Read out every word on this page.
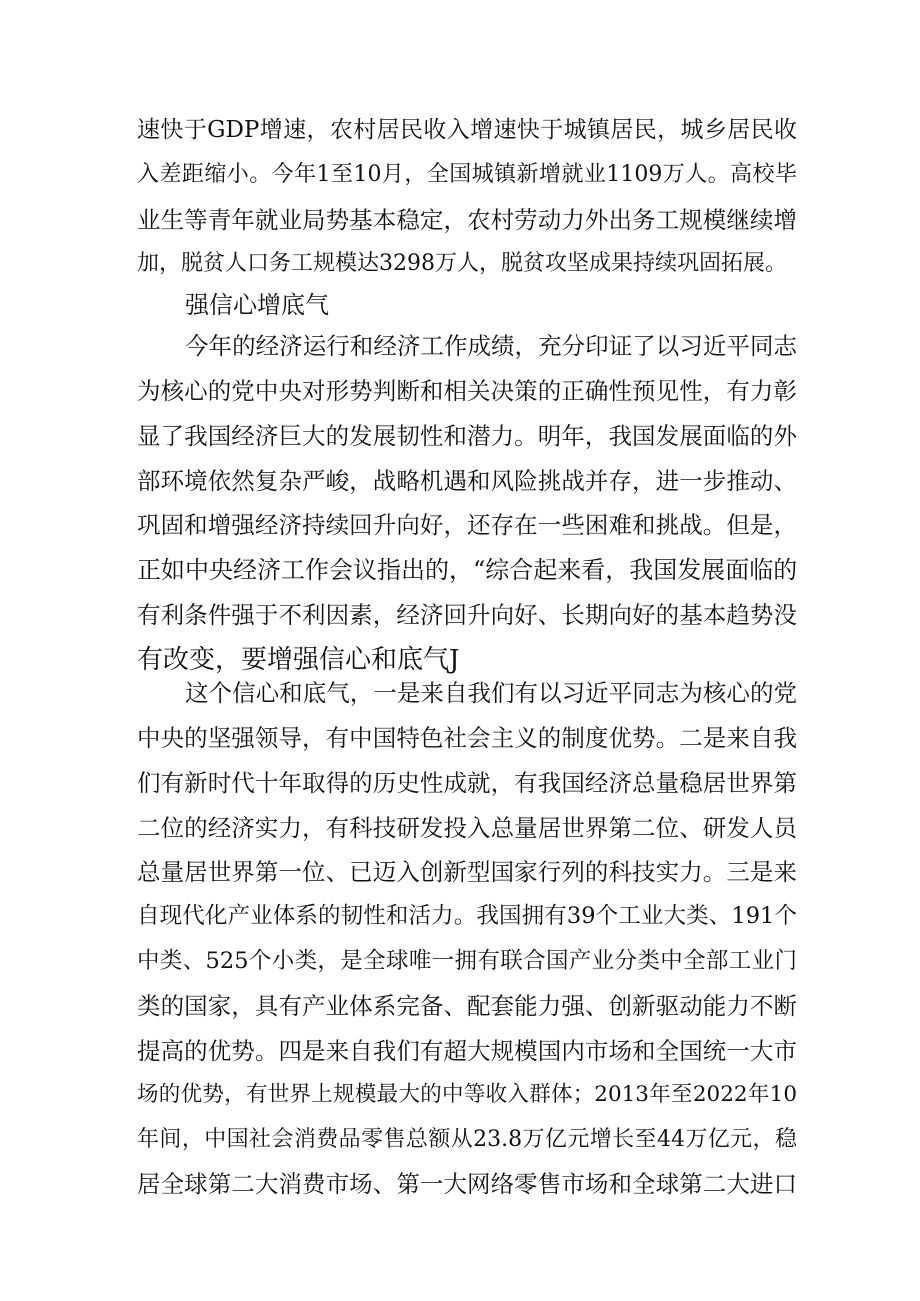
速快于GDP增速，农村居民收入增速快于城镇居民，城乡居民收
入差距缩小。今年1至10月，全国城镇新增就业1109万人。高校毕
业生等青年就业局势基本稳定，农村劳动力外出务工规模继续增
加，脱贫人口务工规模达3298万人，脱贫攻坚成果持续巩固拓展。
强信心增底气
今年的经济运行和经济工作成绩，充分印证了以习近平同志
为核心的党中央对形势判断和相关决策的正确性预见性，有力彰
显了我国经济巨大的发展韧性和潜力。明年，我国发展面临的外
部环境依然复杂严峻，战略机遇和风险挑战并存，进一步推动、
巩固和增强经济持续回升向好，还存在一些困难和挑战。但是，
正如中央经济工作会议指出的，“综合起来看，我国发展面临的
有利条件强于不利因素，经济回升向好、长期向好的基本趋势没
有改变，要增强信心和底气J
这个信心和底气，一是来自我们有以习近平同志为核心的党
中央的坚强领导，有中国特色社会主义的制度优势。二是来自我
们有新时代十年取得的历史性成就，有我国经济总量稳居世界第
二位的经济实力，有科技研发投入总量居世界第二位、研发人员
总量居世界第一位、已迈入创新型国家行列的科技实力。三是来
自现代化产业体系的韧性和活力。我国拥有39个工业大类、191个
中类、525个小类，是全球唯一拥有联合国产业分类中全部工业门
类的国家，具有产业体系完备、配套能力强、创新驱动能力不断
提高的优势。四是来自我们有超大规模国内市场和全国统一大市
场的优势，有世界上规模最大的中等收入群体；2013年至2022年10
年间，中国社会消费品零售总额从23.8万亿元增长至44万亿元，稳
居全球第二大消费市场、第一大网络零售市场和全球第二大进口
